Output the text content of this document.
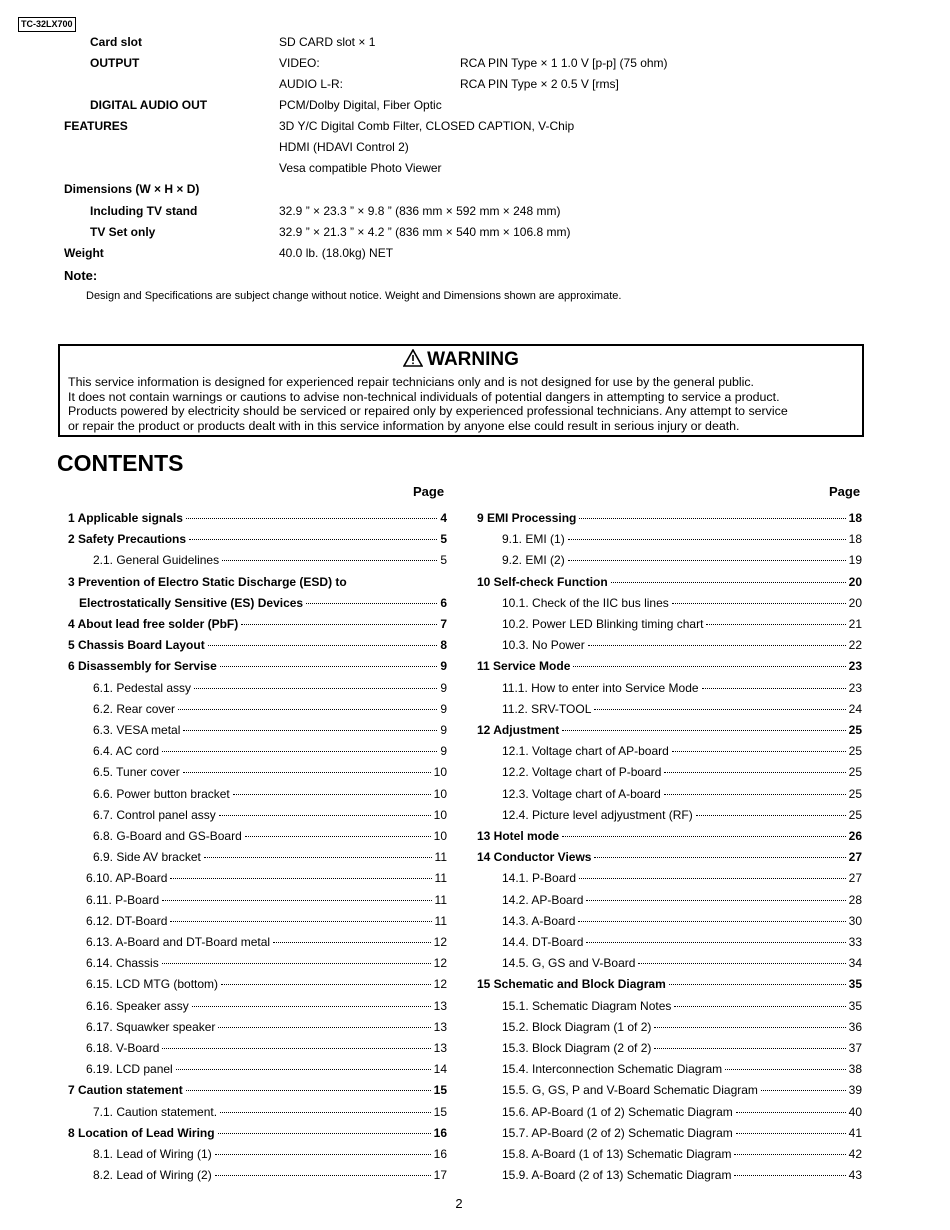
TC-32LX700
Card slot	SD CARD slot × 1
OUTPUT	VIDEO:	RCA PIN Type × 1 1.0 V [p-p] (75 ohm)
AUDIO L-R:	RCA PIN Type × 2 0.5 V [rms]
DIGITAL AUDIO OUT	PCM/Dolby Digital, Fiber Optic
FEATURES	3D Y/C Digital Comb Filter, CLOSED CAPTION, V-Chip
HDMI (HDAVI Control 2)
Vesa compatible Photo Viewer
Dimensions (W × H × D)
Including TV stand	32.9 ” × 23.3 ” × 9.8 ” (836 mm × 592 mm × 248 mm)
TV Set only	32.9 ” × 21.3 ” × 4.2 ” (836 mm × 540 mm × 106.8 mm)
Weight	40.0 lb. (18.0kg) NET
Note:
Design and Specifications are subject change without notice. Weight and Dimensions shown are approximate.
WARNING
This service information is designed for experienced repair technicians only and is not designed for use by the general public.
It does not contain warnings or cautions to advise non-technical individuals of potential dangers in attempting to service a product.
Products powered by electricity should be serviced or repaired only by experienced professional technicians. Any attempt to service
or repair the product or products dealt with in this service information by anyone else could result in serious injury or death.
CONTENTS
Page	Page
1 Applicable signals	4
2 Safety Precautions	5
2.1. General Guidelines	5
3 Prevention of Electro Static Discharge (ESD) to
Electrostatically Sensitive (ES) Devices	6
4 About lead free solder (PbF)	7
5 Chassis Board Layout	8
6 Disassembly for Servise	9
6.1. Pedestal assy	9
6.2. Rear cover	9
6.3. VESA metal	9
6.4. AC cord	9
6.5. Tuner cover	10
6.6. Power button bracket	10
6.7. Control panel assy	10
6.8. G-Board and GS-Board	10
6.9. Side AV bracket	11
6.10. AP-Board	11
6.11. P-Board	11
6.12. DT-Board	11
6.13. A-Board and DT-Board metal	12
6.14. Chassis	12
6.15. LCD MTG (bottom)	12
6.16. Speaker assy	13
6.17. Squawker speaker	13
6.18. V-Board	13
6.19. LCD panel	14
7 Caution statement	15
7.1. Caution statement.	15
8 Location of Lead Wiring	16
8.1. Lead of Wiring (1)	16
8.2. Lead of Wiring (2)	17
9 EMI Processing	18
9.1. EMI (1)	18
9.2. EMI (2)	19
10 Self-check Function	20
10.1. Check of the IIC bus lines	20
10.2. Power LED Blinking timing chart	21
10.3. No Power	22
11 Service Mode	23
11.1. How to enter into Service Mode	23
11.2. SRV-TOOL	24
12 Adjustment	25
12.1. Voltage chart of AP-board	25
12.2. Voltage chart of P-board	25
12.3. Voltage chart of A-board	25
12.4. Picture level adjyustment (RF)	25
13 Hotel mode	26
14 Conductor Views	27
14.1. P-Board	27
14.2. AP-Board	28
14.3. A-Board	30
14.4. DT-Board	33
14.5. G, GS and V-Board	34
15 Schematic and Block Diagram	35
15.1. Schematic Diagram Notes	35
15.2. Block Diagram (1 of 2)	36
15.3. Block Diagram (2 of 2)	37
15.4. Interconnection Schematic Diagram	38
15.5. G, GS, P and V-Board Schematic Diagram	39
15.6. AP-Board (1 of 2) Schematic Diagram	40
15.7. AP-Board (2 of 2) Schematic Diagram	41
15.8. A-Board (1 of 13) Schematic Diagram	42
15.9. A-Board (2 of 13) Schematic Diagram	43
2
